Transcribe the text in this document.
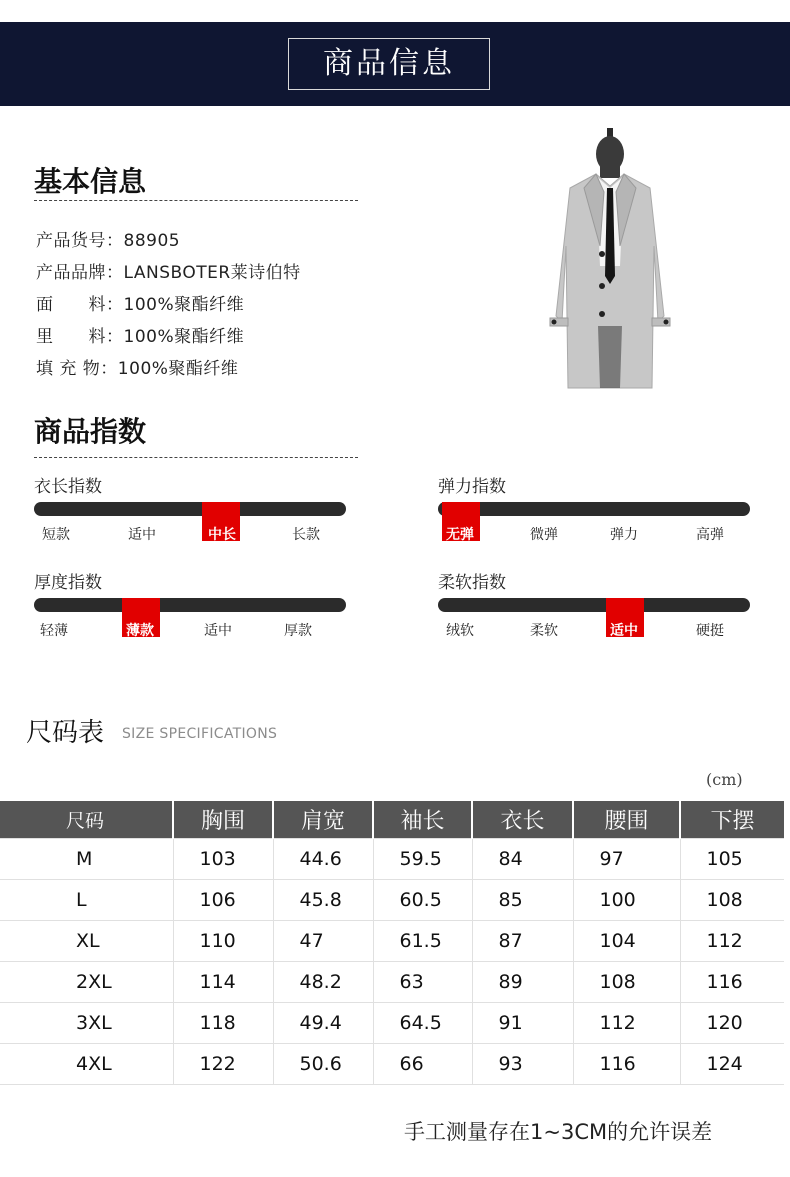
商品信息
基本信息
产品货号：88905
产品品牌：LANSBOTER莱诗伯特
面　　料：100%聚酯纤维
里　　料：100%聚酯纤维
填 充 物：100%聚酯纤维
商品指数
衣长指数
短款	适中	中长	长款
弹力指数
无弹	微弹	弹力	高弹
厚度指数
轻薄	薄款	适中	厚款
柔软指数
绒软	柔软	适中	硬挺
尺码表 SIZE SPECIFICATIONS
(cm)
尺码	胸围	肩宽	袖长	衣长	腰围	下摆
M	103	44.6	59.5	84	97	105
L	106	45.8	60.5	85	100	108
XL	110	47	61.5	87	104	112
2XL	114	48.2	63	89	108	116
3XL	118	49.4	64.5	91	112	120
4XL	122	50.6	66	93	116	124
手工测量存在1~3CM的允许误差
